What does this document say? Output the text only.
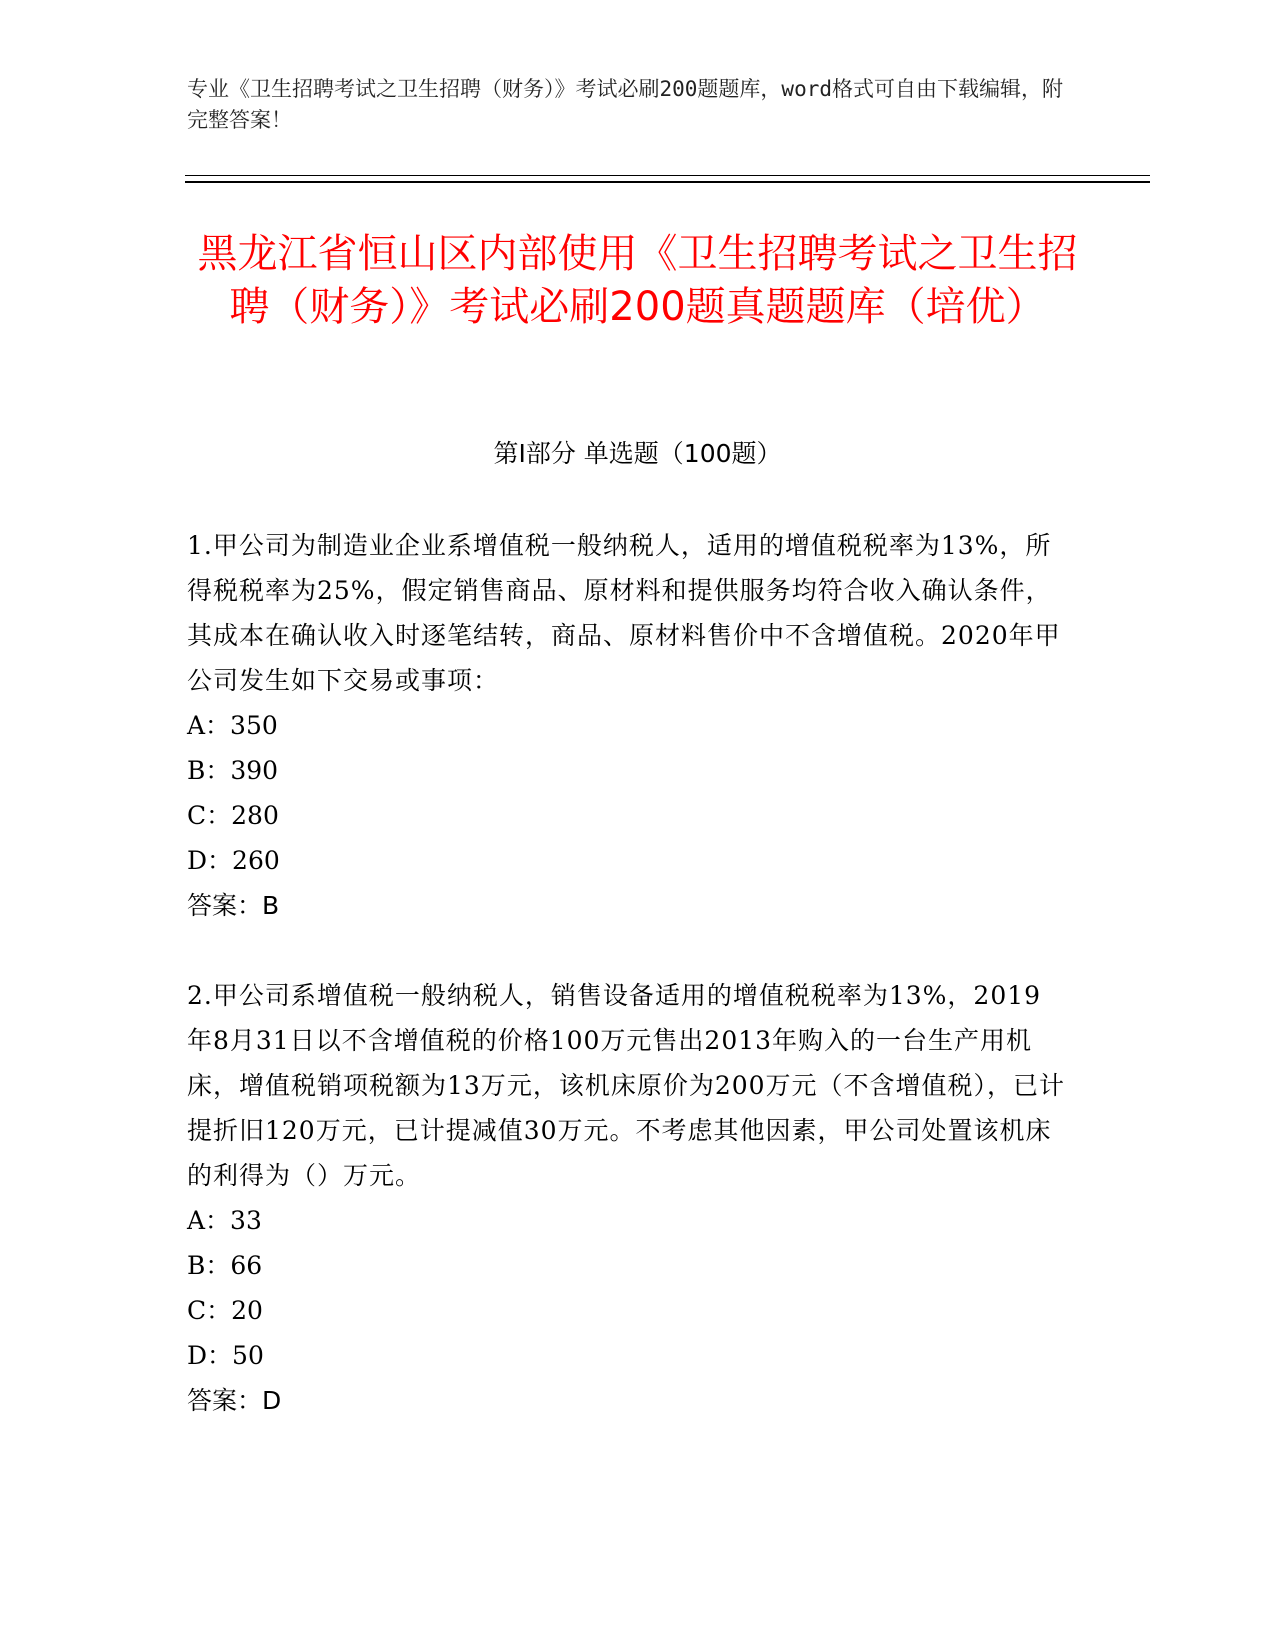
专业《卫生招聘考试之卫生招聘（财务）》考试必刷200题题库，word格式可自由下载编辑，附完整答案！
黑龙江省恒山区内部使用《卫生招聘考试之卫生招聘（财务）》考试必刷200题真题题库（培优）
第Ⅰ部分 单选题（100题）

1.甲公司为制造业企业系增值税一般纳税人，适用的增值税税率为13%，所得税税率为25%，假定销售商品、原材料和提供服务均符合收入确认条件，其成本在确认收入时逐笔结转，商品、原材料售价中不含增值税。2020年甲公司发生如下交易或事项：

A：350

B：390

C：280

D：260

答案：B

2.甲公司系增值税一般纳税人，销售设备适用的增值税税率为13%，2019年8月31日以不含增值税的价格100万元售出2013年购入的一台生产用机床，增值税销项税额为13万元，该机床原价为200万元（不含增值税），已计提折旧120万元，已计提减值30万元。不考虑其他因素，甲公司处置该机床的利得为（）万元。

A：33

B：66

C：20

D：50

答案：D
